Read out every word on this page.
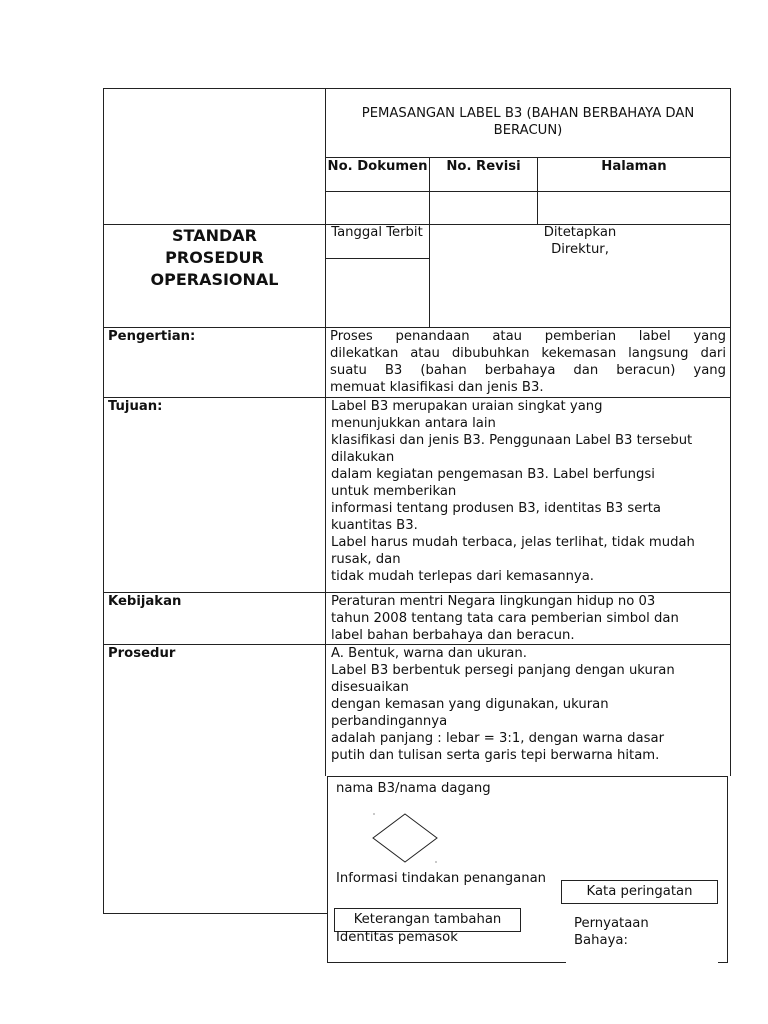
PEMASANGAN LABEL B3 (BAHAN BERBAHAYA DAN BERACUN)
No. Dokumen	No. Revisi	Halaman
STANDAR
PROSEDUR
OPERASIONAL
Tanggal Terbit	Ditetapkan
Direktur,
Pengertian:	Proses penandaan atau pemberian label yang
dilekatkan atau dibubuhkan kekemasan langsung dari
suatu B3 (bahan berbahaya dan beracun) yang
memuat klasifikasi dan jenis B3.
Tujuan:	Label B3 merupakan uraian singkat yang
menunjukkan antara lain
klasifikasi dan jenis B3. Penggunaan Label B3 tersebut
dilakukan
dalam kegiatan pengemasan B3. Label berfungsi
untuk memberikan
informasi tentang produsen B3, identitas B3 serta
kuantitas B3.
Label harus mudah terbaca, jelas terlihat, tidak mudah
rusak, dan
tidak mudah terlepas dari kemasannya.
Kebijakan	Peraturan mentri Negara lingkungan hidup no 03
tahun 2008 tentang tata cara pemberian simbol dan
label bahan berbahaya dan beracun.
Prosedur	A. Bentuk, warna dan ukuran.
Label B3 berbentuk persegi panjang dengan ukuran
disesuaikan
dengan kemasan yang digunakan, ukuran
perbandingannya
adalah panjang : lebar = 3:1, dengan warna dasar
putih dan tulisan serta garis tepi berwarna hitam.
nama B3/nama dagang
Informasi tindakan penanganan
Kata peringatan
Keterangan tambahan
Identitas pemasok
Pernyataan
Bahaya:
